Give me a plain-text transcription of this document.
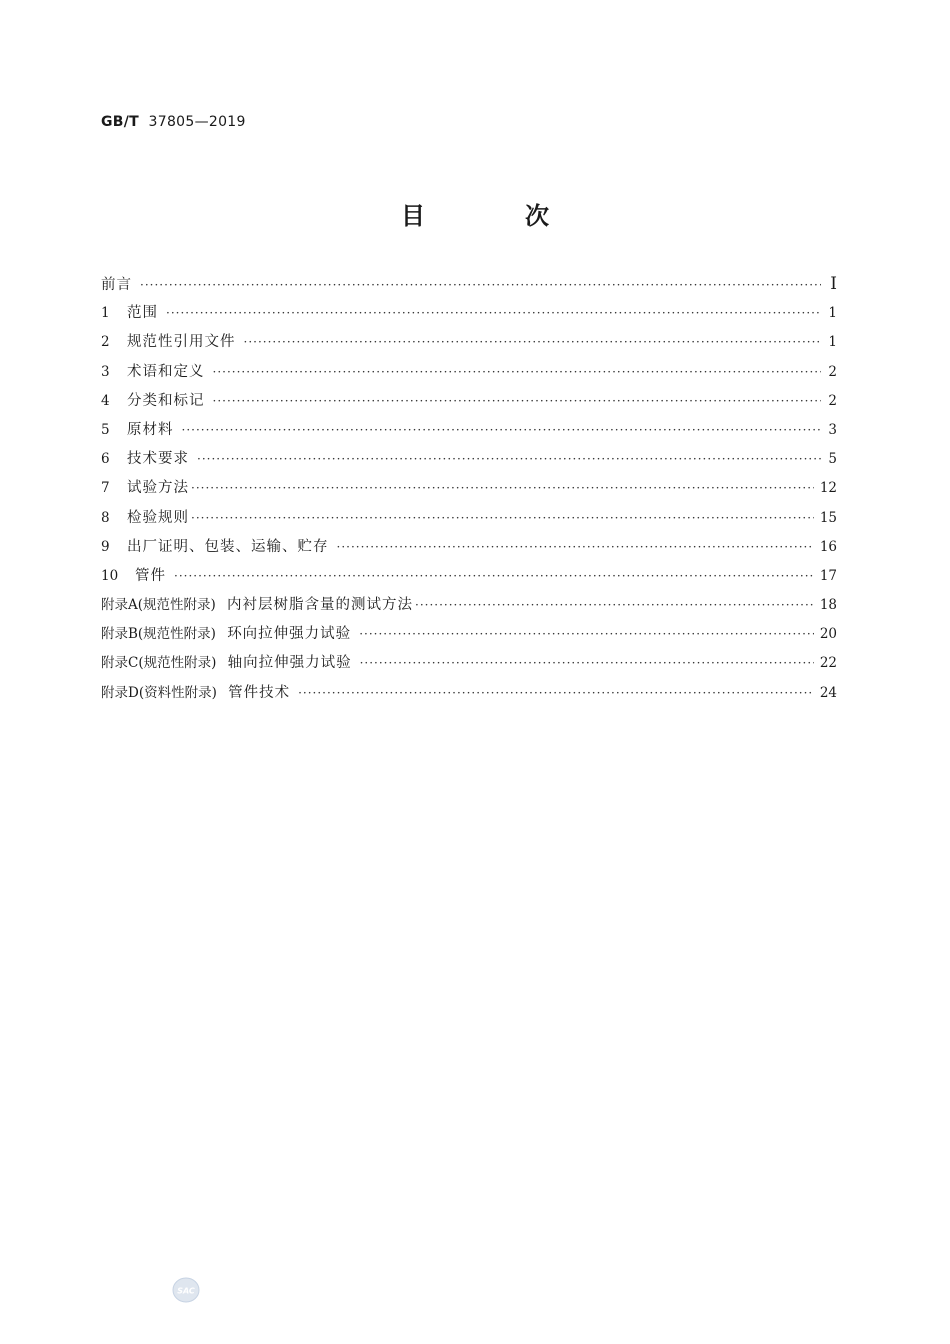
GB/T 37805—2019
目　次
前言 ·····	Ⅰ
1 范围 ·····	1
2 规范性引用文件 ·····	1
3 术语和定义 ·····	2
4 分类和标记 ·····	2
5 原材料 ·····	3
6 技术要求 ·····	5
7 试验方法 ·····	12
8 检验规则 ·····	15
9 出厂证明、包装、运输、贮存 ·····	16
10 管件 ·····	17
附录A(规范性附录) 内衬层树脂含量的测试方法 ·····	18
附录B(规范性附录) 环向拉伸强力试验 ·····	20
附录C(规范性附录) 轴向拉伸强力试验 ·····	22
附录D(资料性附录) 管件技术 ·····	24
SAC
